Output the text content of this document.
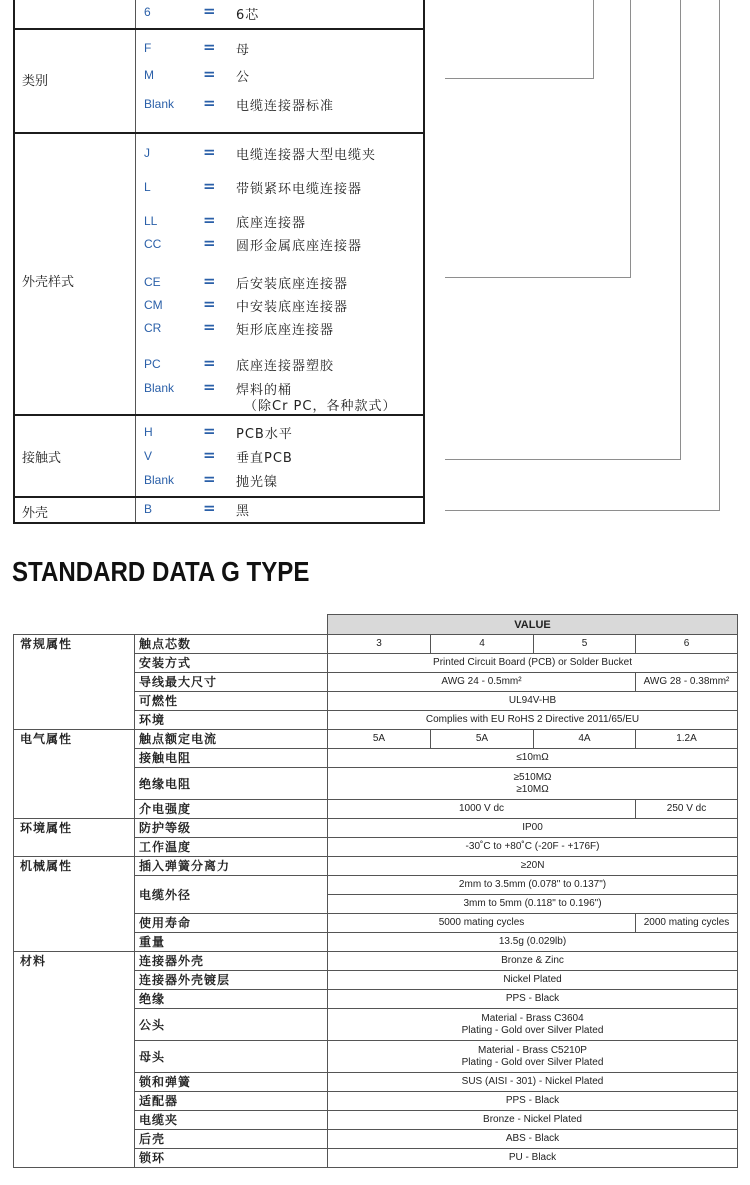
6	= 6芯
类别
F	= 母
M	= 公
Blank = 电缆连接器标准
外壳样式
J	= 电缆连接器大型电缆夹
L	= 带锁紧环电缆连接器
LL	= 底座连接器
CC	= 圆形金属底座连接器
CE	= 后安装底座连接器
CM	= 中安装底座连接器
CR	= 矩形底座连接器
PC	= 底座连接器塑胶
Blank = 焊料的桶
（除Cr PC，各种款式）
接触式
H	= PCB水平
V	= 垂直PCB
Blank = 抛光镍
外壳	B	= 黑
STANDARD DATA G TYPE
		VALUE			
常规属性	触点芯数	3	4	5	6
	安装方式	Printed Circuit Board (PCB) or Solder Bucket			
	导线最大尺寸	AWG 24 - 0.5mm²			AWG 28 - 0.38mm²
	可燃性	UL94V-HB			
	环境	Complies with EU RoHS 2 Directive 2011/65/EU			
电气属性	触点额定电流	5A	5A	4A	1.2A
	接触电阻	≤10mΩ			
	绝缘电阻	≥510MΩ
≥10MΩ			
	介电强度	1000 V dc			250 V dc
环境属性	防护等级	IP00			
	工作温度	-30˚C to +80˚C (-20F - +176F)			
机械属性	插入弹簧分离力	≥20N			
	电缆外径	2mm to 3.5mm (0.078" to 0.137")			
		3mm to 5mm (0.118" to 0.196")			
	使用寿命	5000 mating cycles			2000 mating cycles
	重量	13.5g (0.029lb)			
材料	连接器外壳	Bronze & Zinc			
	连接器外壳镀层	Nickel Plated			
	绝缘	PPS - Black			
	公头	Material - Brass C3604
Plating - Gold over Silver Plated			
	母头	Material - Brass C5210P
Plating - Gold over Silver Plated			
	锁和弹簧	SUS (AISI - 301) - Nickel Plated			
	适配器	PPS - Black			
	电缆夹	Bronze - Nickel Plated			
	后壳	ABS - Black			
	锁环	PU - Black			
